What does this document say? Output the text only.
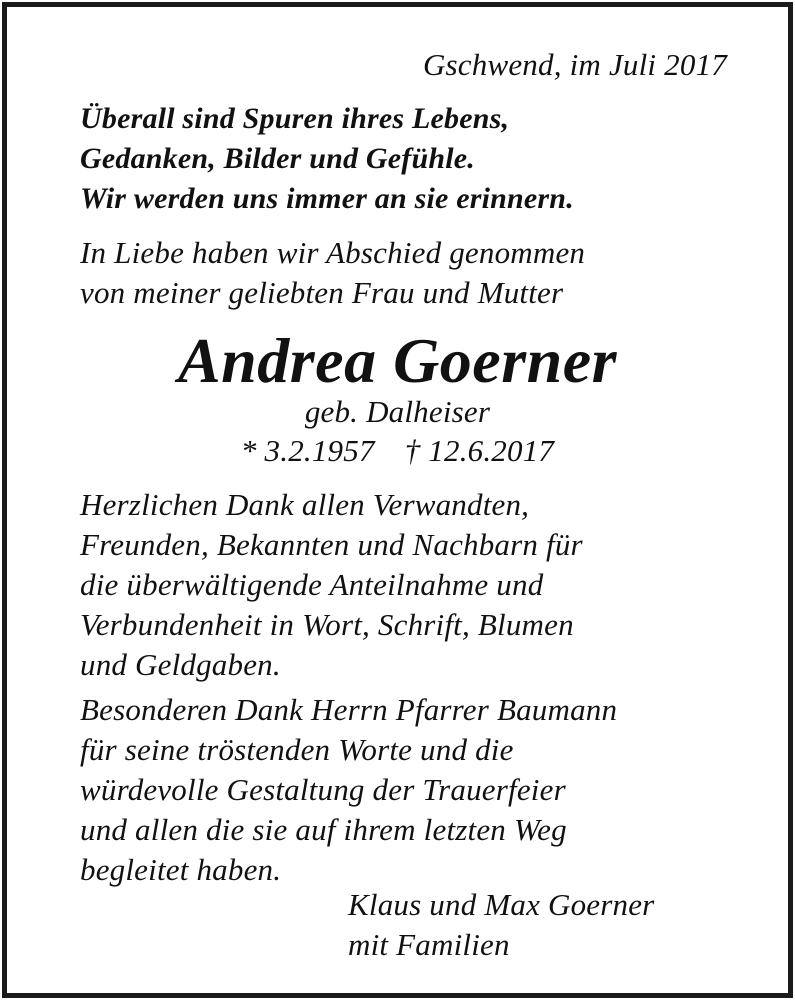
Gschwend, im Juli 2017
Überall sind Spuren ihres Lebens,
Gedanken, Bilder und Gefühle.
Wir werden uns immer an sie erinnern.
In Liebe haben wir Abschied genommen
von meiner geliebten Frau und Mutter
Andrea Goerner
geb. Dalheiser
* 3.2.1957 † 12.6.2017
Herzlichen Dank allen Verwandten,
Freunden, Bekannten und Nachbarn für
die überwältigende Anteilnahme und
Verbundenheit in Wort, Schrift, Blumen
und Geldgaben.
Besonderen Dank Herrn Pfarrer Baumann
für seine tröstenden Worte und die
würdevolle Gestaltung der Trauerfeier
und allen die sie auf ihrem letzten Weg
begleitet haben.
Klaus und Max Goerner
mit Familien
